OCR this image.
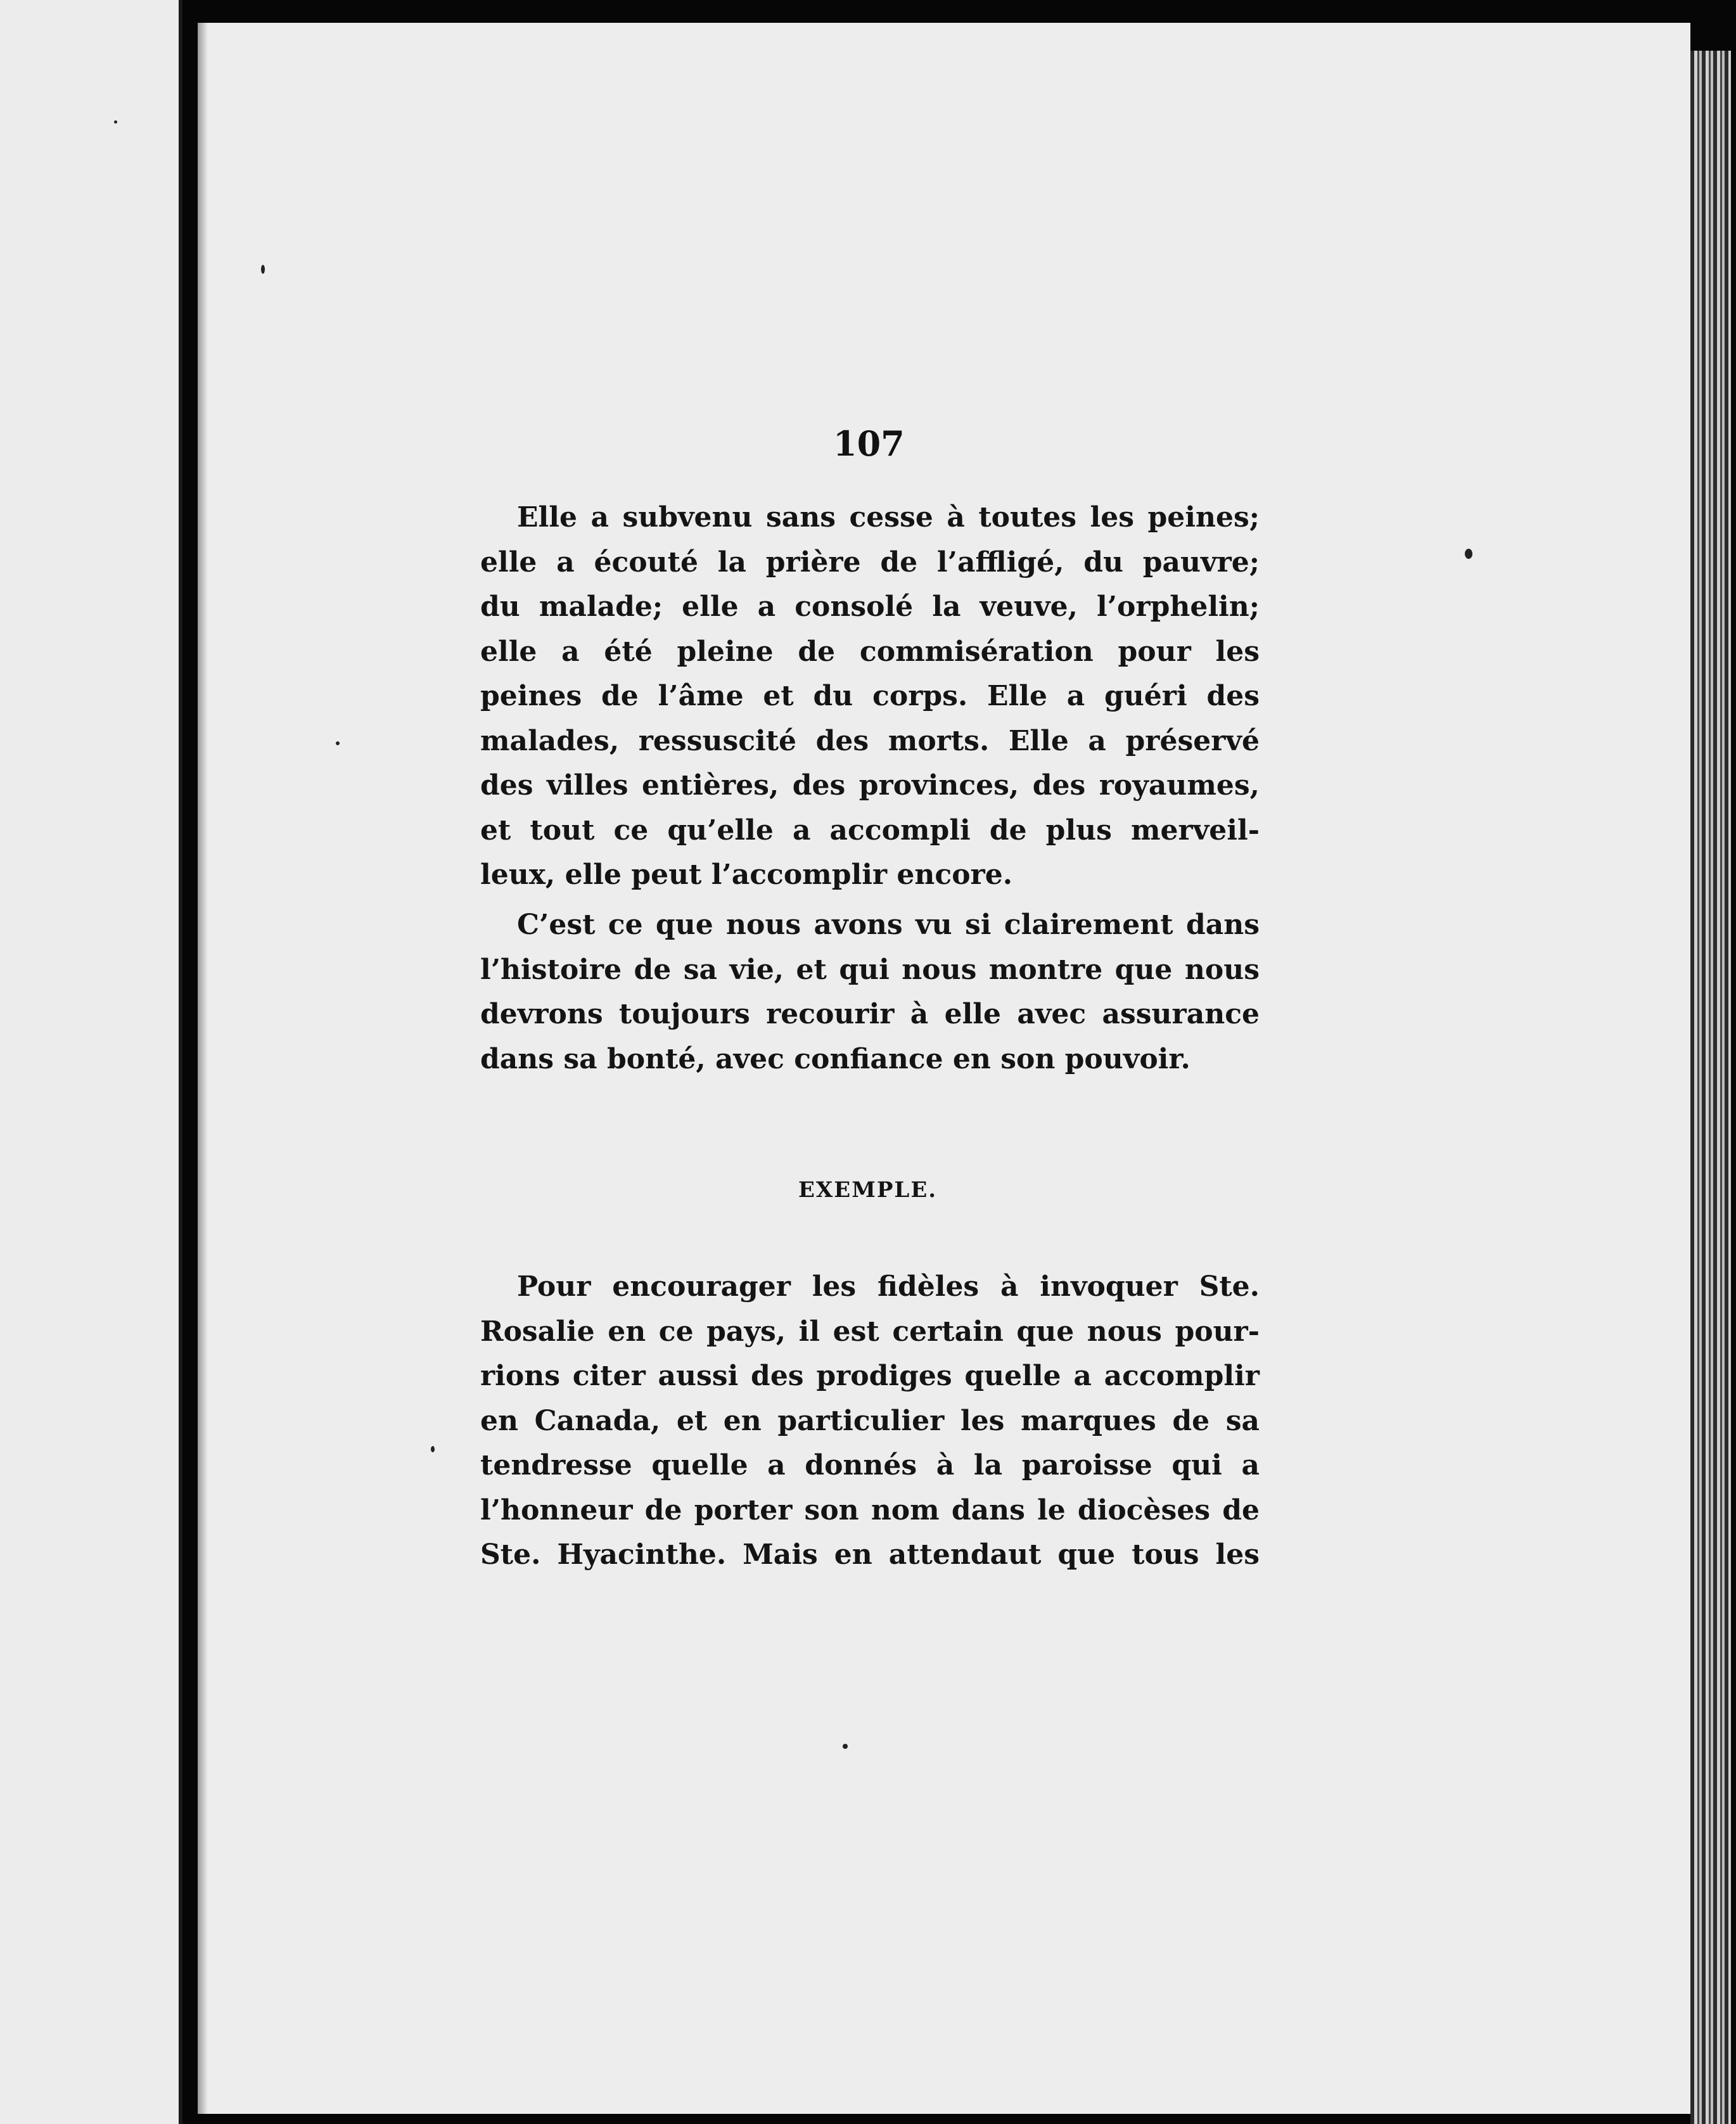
107
Elle a subvenu sans cesse à toutes les peines;
elle a écouté la prière de l’affligé, du pauvre;
du malade; elle a consolé la veuve, l’orphelin;
elle a été pleine de commisération pour les
peines de l’âme et du corps. Elle a guéri des
malades, ressuscité des morts. Elle a préservé
des villes entières, des provinces, des royaumes,
et tout ce qu’elle a accompli de plus merveil-
leux, elle peut l’accomplir encore.
C’est ce que nous avons vu si clairement dans
l’histoire de sa vie, et qui nous montre que nous
devrons toujours recourir à elle avec assurance
dans sa bonté, avec confiance en son pouvoir.
EXEMPLE.
Pour encourager les fidèles à invoquer Ste.
Rosalie en ce pays, il est certain que nous pour-
rions citer aussi des prodiges quelle a accomplir
en Canada, et en particulier les marques de sa
tendresse quelle a donnés à la paroisse qui a
l’honneur de porter son nom dans le diocèses de
Ste. Hyacinthe. Mais en attendaut que tous les
